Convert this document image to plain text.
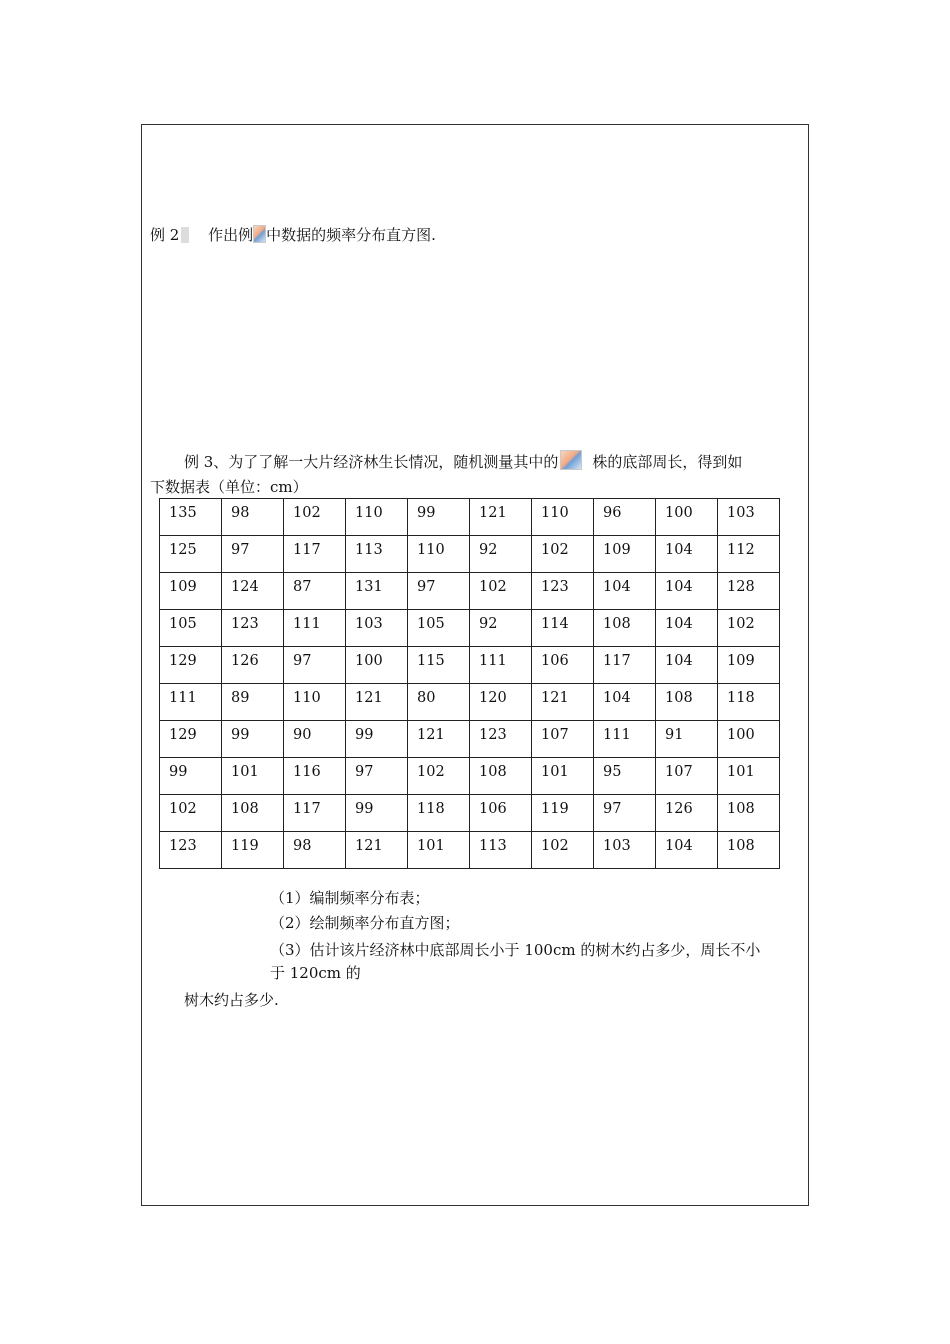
例 2 作出例 中数据的频率分布直方图.
例 3、为了了解一大片经济林生长情况，随机测量其中的 株的底部周长，得到如
下数据表（单位：cm）
135	98	102	110	99	121	110	96	100	103
125	97	117	113	110	92	102	109	104	112
109	124	87	131	97	102	123	104	104	128
105	123	111	103	105	92	114	108	104	102
129	126	97	100	115	111	106	117	104	109
111	89	110	121	80	120	121	104	108	118
129	99	90	99	121	123	107	111	91	100
99	101	116	97	102	108	101	95	107	101
102	108	117	99	118	106	119	97	126	108
123	119	98	121	101	113	102	103	104	108
（1）编制频率分布表；
（2）绘制频率分布直方图；
（3）估计该片经济林中底部周长小于 100cm 的树木约占多少，周长不小
于 120cm 的
树木约占多少.
